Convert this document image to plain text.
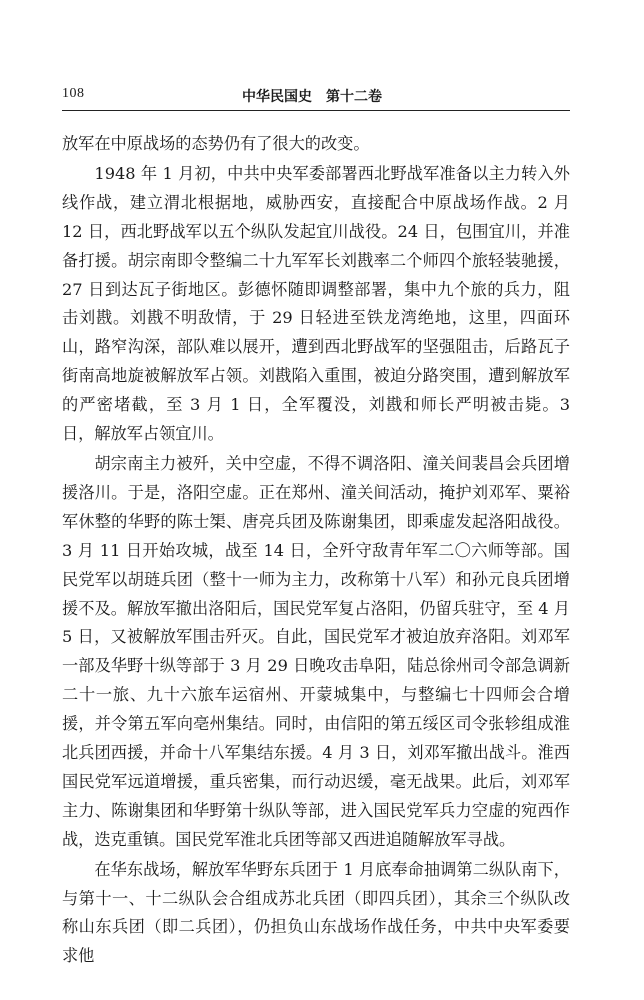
108	中华民国史　第十二卷

放军在中原战场的态势仍有了很大的改变。

1948 年 1 月初，中共中央军委部署西北野战军准备以主力转入外线作战，建立渭北根据地，威胁西安，直接配合中原战场作战。2 月 12 日，西北野战军以五个纵队发起宜川战役。24 日，包围宜川，并准备打援。胡宗南即令整编二十九军军长刘戡率二个师四个旅轻装驰援，27 日到达瓦子街地区。彭德怀随即调整部署，集中九个旅的兵力，阻击刘戡。刘戡不明敌情，于 29 日轻进至铁龙湾绝地，这里，四面环山，路窄沟深，部队难以展开，遭到西北野战军的坚强阻击，后路瓦子街南高地旋被解放军占领。刘戡陷入重围，被迫分路突围，遭到解放军的严密堵截，至 3 月 1 日，全军覆没，刘戡和师长严明被击毙。3 日，解放军占领宜川。

胡宗南主力被歼，关中空虚，不得不调洛阳、潼关间裴昌会兵团增援洛川。于是，洛阳空虚。正在郑州、潼关间活动，掩护刘邓军、粟裕军休整的华野的陈士榘、唐亮兵团及陈谢集团，即乘虚发起洛阳战役。3 月 11 日开始攻城，战至 14 日，全歼守敌青年军二〇六师等部。国民党军以胡琏兵团（整十一师为主力，改称第十八军）和孙元良兵团增援不及。解放军撤出洛阳后，国民党军复占洛阳，仍留兵驻守，至 4 月 5 日，又被解放军围击歼灭。自此，国民党军才被迫放弃洛阳。刘邓军一部及华野十纵等部于 3 月 29 日晚攻击阜阳，陆总徐州司令部急调新二十一旅、九十六旅车运宿州、开蒙城集中，与整编七十四师会合增援，并令第五军向亳州集结。同时，由信阳的第五绥区司令张轸组成淮北兵团西援，并命十八军集结东援。4 月 3 日，刘邓军撤出战斗。淮西国民党军远道增援，重兵密集，而行动迟缓，毫无战果。此后，刘邓军主力、陈谢集团和华野第十纵队等部，进入国民党军兵力空虚的宛西作战，迭克重镇。国民党军淮北兵团等部又西进追随解放军寻战。

在华东战场，解放军华野东兵团于 1 月底奉命抽调第二纵队南下，与第十一、十二纵队会合组成苏北兵团（即四兵团），其余三个纵队改称山东兵团（即二兵团），仍担负山东战场作战任务，中共中央军委要求他
